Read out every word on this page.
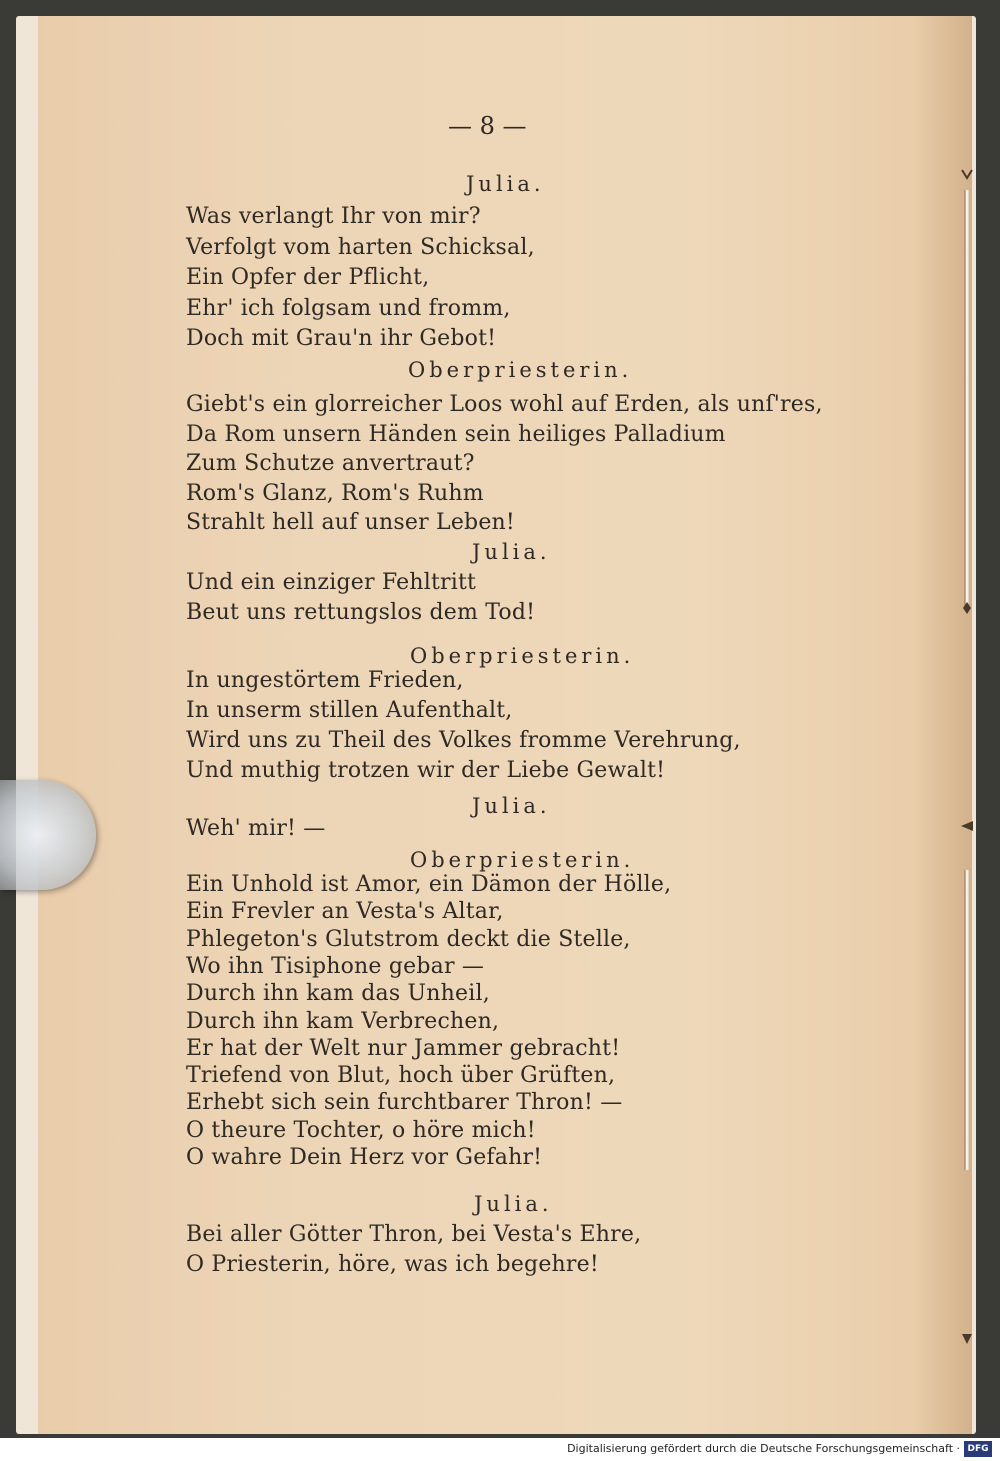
— 8 —
Julia.
Was verlangt Ihr von mir?
Verfolgt vom harten Schicksal,
Ein Opfer der Pflicht,
Ehr' ich folgsam und fromm,
Doch mit Grau'n ihr Gebot!
Oberpriesterin.
Giebt's ein glorreicher Loos wohl auf Erden, als unſ'res,
Da Rom unsern Händen sein heiliges Palladium
Zum Schutze anvertraut?
Rom's Glanz, Rom's Ruhm
Strahlt hell auf unser Leben!
Julia.
Und ein einziger Fehltritt
Beut uns rettungslos dem Tod!
Oberpriesterin.
In ungestörtem Frieden,
In unserm stillen Aufenthalt,
Wird uns zu Theil des Volkes fromme Verehrung,
Und muthig trotzen wir der Liebe Gewalt!
Julia.
Weh' mir! —
Oberpriesterin.
Ein Unhold ist Amor, ein Dämon der Hölle,
Ein Frevler an Vesta's Altar,
Phlegeton's Glutstrom deckt die Stelle,
Wo ihn Tisiphone gebar —
Durch ihn kam das Unheil,
Durch ihn kam Verbrechen,
Er hat der Welt nur Jammer gebracht!
Triefend von Blut, hoch über Grüften,
Erhebt sich sein furchtbarer Thron! —
O theure Tochter, o höre mich!
O wahre Dein Herz vor Gefahr!
Julia.
Bei aller Götter Thron, bei Vesta's Ehre,
O Priesterin, höre, was ich begehre!
Digitalisierung gefördert durch die Deutsche Forschungsgemeinschaft · DFG
